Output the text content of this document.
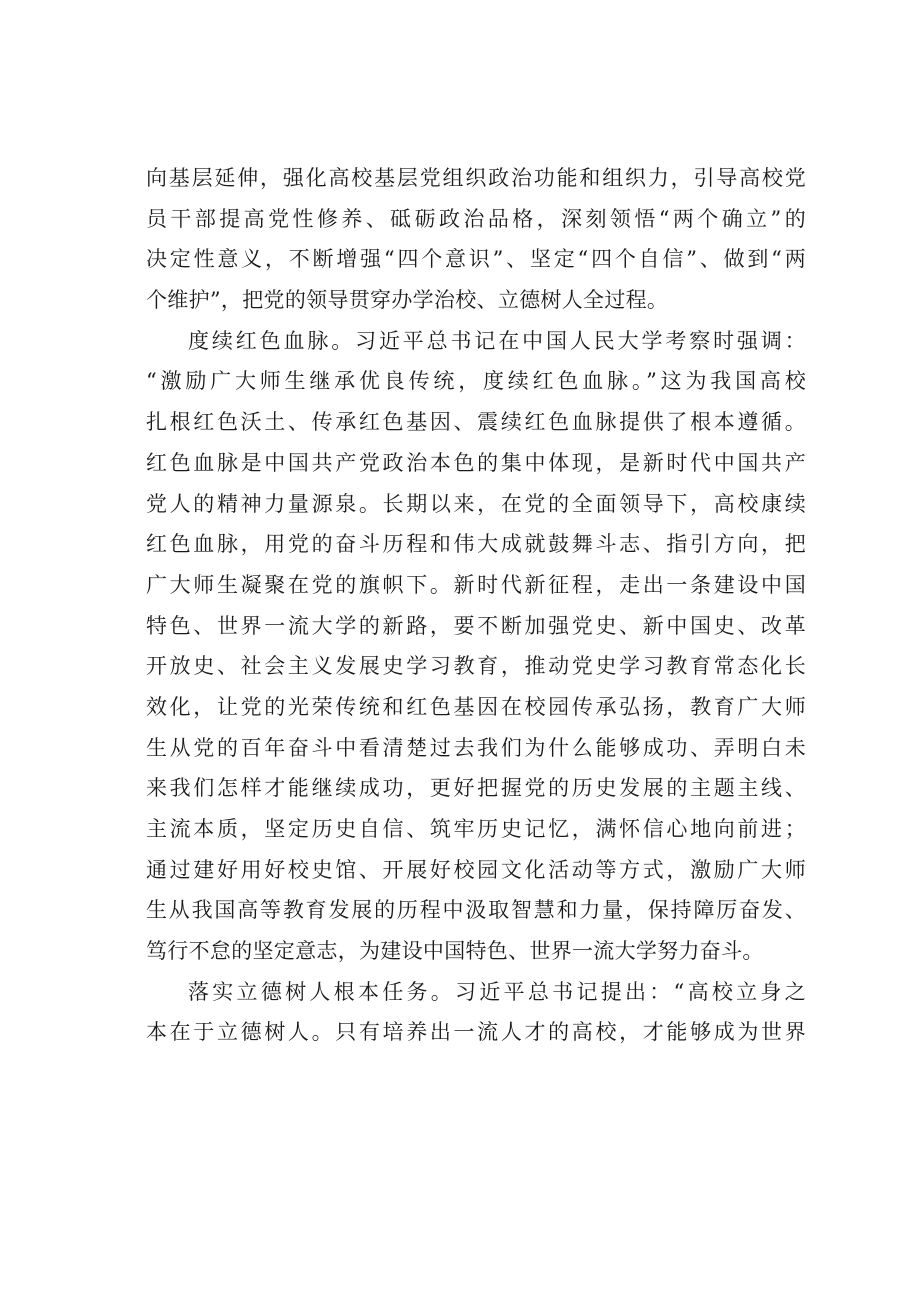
向基层延伸，强化高校基层党组织政治功能和组织力，引导高校党
员干部提高党性修养、砥砺政治品格，深刻领悟“两个确立”的
决定性意义，不断增强“四个意识”、坚定“四个自信”、做到“两
个维护”，把党的领导贯穿办学治校、立德树人全过程。
度续红色血脉。习近平总书记在中国人民大学考察时强调：
“激励广大师生继承优良传统，度续红色血脉。”这为我国高校
扎根红色沃土、传承红色基因、震续红色血脉提供了根本遵循。
红色血脉是中国共产党政治本色的集中体现，是新时代中国共产
党人的精神力量源泉。长期以来，在党的全面领导下，高校康续
红色血脉，用党的奋斗历程和伟大成就鼓舞斗志、指引方向，把
广大师生凝聚在党的旗帜下。新时代新征程，走出一条建设中国
特色、世界一流大学的新路，要不断加强党史、新中国史、改革
开放史、社会主义发展史学习教育，推动党史学习教育常态化长
效化，让党的光荣传统和红色基因在校园传承弘扬，教育广大师
生从党的百年奋斗中看清楚过去我们为什么能够成功、弄明白未
来我们怎样才能继续成功，更好把握党的历史发展的主题主线、
主流本质，坚定历史自信、筑牢历史记忆，满怀信心地向前进；
通过建好用好校史馆、开展好校园文化活动等方式，激励广大师
生从我国高等教育发展的历程中汲取智慧和力量，保持障厉奋发、
笃行不怠的坚定意志，为建设中国特色、世界一流大学努力奋斗。
落实立德树人根本任务。习近平总书记提出：“高校立身之
本在于立德树人。只有培养出一流人才的高校，才能够成为世界
